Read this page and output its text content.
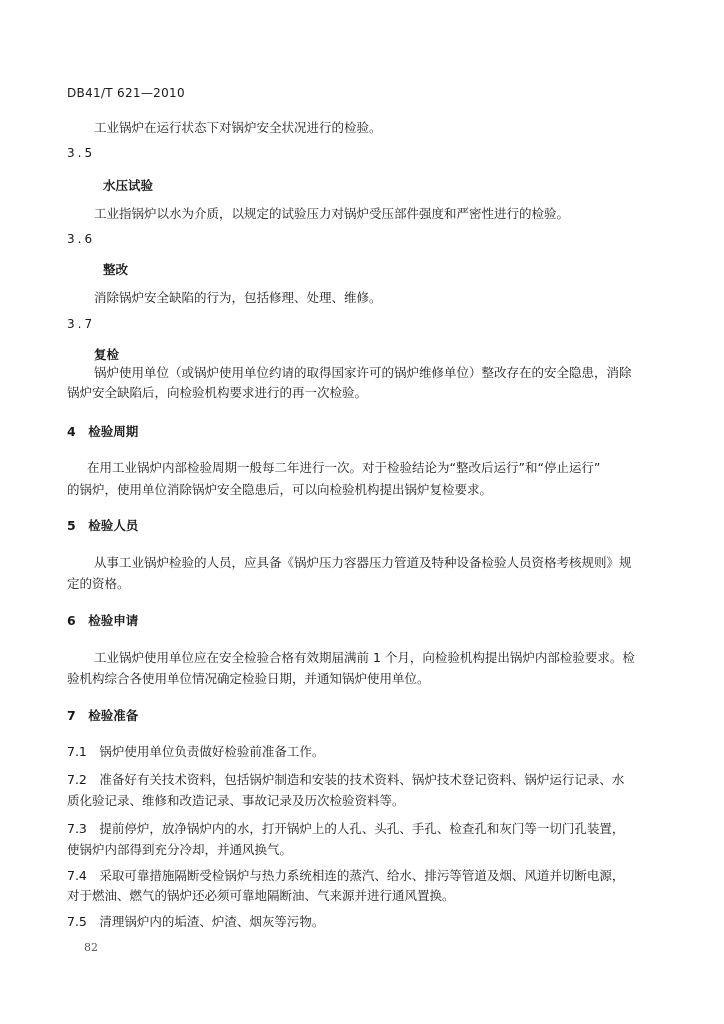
DB41/T 621—2010
工业锅炉在运行状态下对锅炉安全状况进行的检验。
3.5
水压试验
工业指锅炉以水为介质，以规定的试验压力对锅炉受压部件强度和严密性进行的检验。
3.6
整改
消除锅炉安全缺陷的行为，包括修理、处理、维修。
3.7
复检
锅炉使用单位（或锅炉使用单位约请的取得国家许可的锅炉维修单位）整改存在的安全隐患，消除
锅炉安全缺陷后，向检验机构要求进行的再一次检验。
4　检验周期
在用工业锅炉内部检验周期一般每二年进行一次。对于检验结论为“整改后运行”和“停止运行”
的锅炉，使用单位消除锅炉安全隐患后，可以向检验机构提出锅炉复检要求。
5　检验人员
从事工业锅炉检验的人员，应具备《锅炉压力容器压力管道及特种设备检验人员资格考核规则》规
定的资格。
6　检验申请
工业锅炉使用单位应在安全检验合格有效期届满前 1 个月，向检验机构提出锅炉内部检验要求。检
验机构综合各使用单位情况确定检验日期，并通知锅炉使用单位。
7　检验准备
7.1　锅炉使用单位负责做好检验前准备工作。
7.2　准备好有关技术资料，包括锅炉制造和安装的技术资料、锅炉技术登记资料、锅炉运行记录、水
质化验记录、维修和改造记录、事故记录及历次检验资料等。
7.3　提前停炉，放净锅炉内的水，打开锅炉上的人孔、头孔、手孔、检查孔和灰门等一切门孔装置，
使锅炉内部得到充分冷却，并通风换气。
7.4　采取可靠措施隔断受检锅炉与热力系统相连的蒸汽、给水、排污等管道及烟、风道并切断电源，
对于燃油、燃气的锅炉还必须可靠地隔断油、气来源并进行通风置换。
7.5　清理锅炉内的垢渣、炉渣、烟灰等污物。
82
